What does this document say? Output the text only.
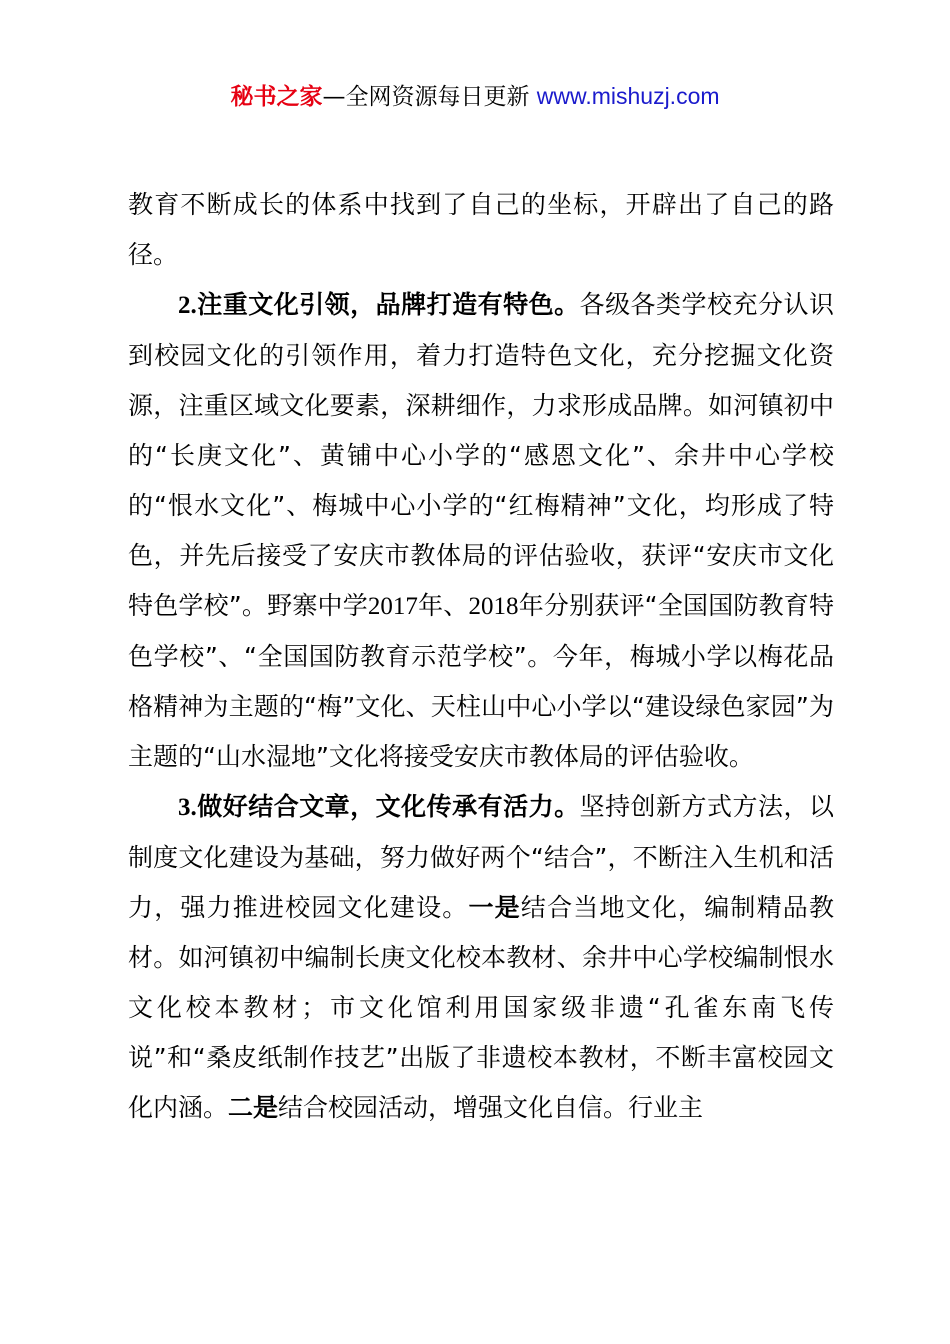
秘书之家—全网资源每日更新 www.mishuzj.com

教育不断成长的体系中找到了自己的坐标，开辟出了自己的路径。

2.注重文化引领，品牌打造有特色。各级各类学校充分认识到校园文化的引领作用，着力打造特色文化，充分挖掘文化资源，注重区域文化要素，深耕细作，力求形成品牌。如河镇初中的“长庚文化”、黄铺中心小学的“感恩文化”、余井中心学校的“恨水文化”、梅城中心小学的“红梅精神”文化，均形成了特色，并先后接受了安庆市教体局的评估验收，获评“安庆市文化特色学校”。野寨中学2017年、2018年分别获评“全国国防教育特色学校”、“全国国防教育示范学校”。今年，梅城小学以梅花品格精神为主题的“梅”文化、天柱山中心小学以“建设绿色家园”为主题的“山水湿地”文化将接受安庆市教体局的评估验收。

3.做好结合文章，文化传承有活力。坚持创新方式方法，以制度文化建设为基础，努力做好两个“结合”，不断注入生机和活力，强力推进校园文化建设。一是结合当地文化，编制精品教材。如河镇初中编制长庚文化校本教材、余井中心学校编制恨水文化校本教材；市文化馆利用国家级非遗“孔雀东南飞传说”和“桑皮纸制作技艺”出版了非遗校本教材，不断丰富校园文化内涵。二是结合校园活动，增强文化自信。行业主
